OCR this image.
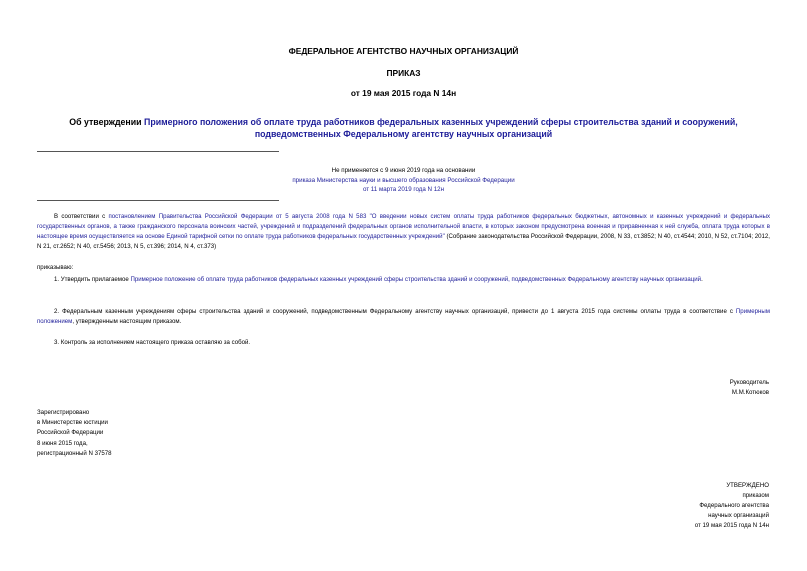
ФЕДЕРАЛЬНОЕ АГЕНТСТВО НАУЧНЫХ ОРГАНИЗАЦИЙ
ПРИКАЗ
от 19 мая 2015 года N 14н
Об утверждении Примерного положения об оплате труда работников федеральных казенных учреждений сферы строительства зданий и сооружений,
подведомственных Федеральному агентству научных организаций
Не применяется с 9 июня 2019 года на основании
приказа Министерства науки и высшего образования Российской Федерации
от 11 марта 2019 года N 12н
В соответствии с постановлением Правительства Российской Федерации от 5 августа 2008 года N 583 "О введении новых систем оплаты труда работников федеральных бюджетных, автономных и казенных учреждений и федеральных государственных органов, а также гражданского персонала воинских частей, учреждений и подразделений федеральных органов исполнительной власти, в которых законом предусмотрена военная и приравненная к ней служба, оплата труда которых в настоящее время осуществляется на основе Единой тарифной сетки по оплате труда работников федеральных государственных учреждений" (Собрание законодательства Российской Федерации, 2008, N 33, ст.3852; N 40, ст.4544; 2010, N 52, ст.7104; 2012, N 21, ст.2652; N 40, ст.5456; 2013, N 5, ст.396; 2014, N 4, ст.373)
приказываю:
1. Утвердить прилагаемое Примерное положение об оплате труда работников федеральных казенных учреждений сферы строительства зданий и сооружений, подведомственных Федеральному агентству научных организаций.
2. Федеральным казенным учреждениям сферы строительства зданий и сооружений, подведомственным Федеральному агентству научных организаций, привести до 1 августа 2015 года системы оплаты труда в соответствие с Примерным положением, утвержденным настоящим приказом.
3. Контроль за исполнением настоящего приказа оставляю за собой.
Руководитель
М.М.Котюков
Зарегистрировано
в Министерстве юстиции
Российской Федерации
8 июня 2015 года,
регистрационный N 37578
УТВЕРЖДЕНО
приказом
Федерального агентства
научных организаций
от 19 мая 2015 года N 14н
